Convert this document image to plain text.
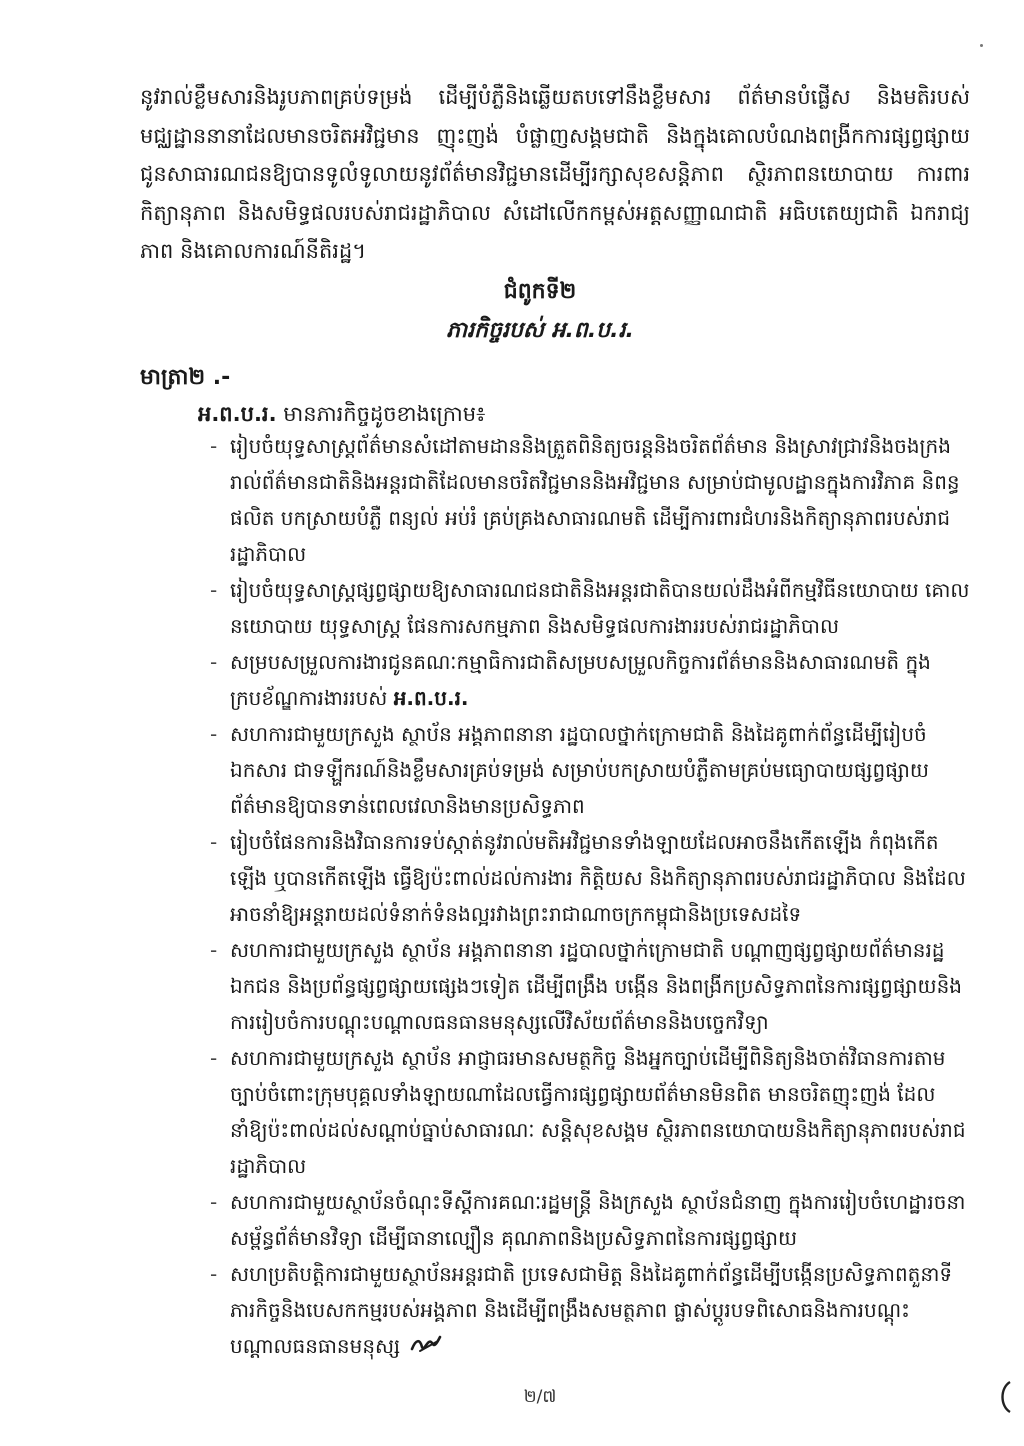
នូវរាល់ខ្លឹមសារនិងរូបភាពគ្រប់ទម្រង់ ដើម្បីបំភ្លឺនិងឆ្លើយតបទៅនឹងខ្លឹមសារ ព័ត៌មានបំផ្លើស និងមតិរបស់មជ្ឈដ្ឋាននានាដែលមានចរិតអវិជ្ជមាន ញុះញង់ បំផ្លាញសង្គមជាតិ និងក្នុងគោលបំណងពង្រីកការផ្សព្វផ្សាយជូនសាធារណជនឱ្យបានទូលំទូលាយនូវព័ត៌មានវិជ្ជមានដើម្បីរក្សាសុខសន្តិភាព ស្ថិរភាពនយោបាយ ការពារកិត្យានុភាព និងសមិទ្ធផលរបស់រាជរដ្ឋាភិបាល សំដៅលើកកម្ពស់អត្តសញ្ញាណជាតិ អធិបតេយ្យជាតិ ឯករាជ្យភាព និងគោលការណ៍នីតិរដ្ឋ។

ជំពូកទី២
ភារកិច្ចរបស់ អ.ព.ប.រ.
មាត្រា២ .-
អ.ព.ប.រ. មានភារកិច្ចដូចខាងក្រោម៖
- រៀបចំយុទ្ធសាស្ត្រព័ត៌មានសំដៅតាមដាននិងត្រួតពិនិត្យចរន្តនិងចរិតព័ត៌មាន និងស្រាវជ្រាវនិងចងក្រងរាល់ព័ត៌មានជាតិនិងអន្តរជាតិដែលមានចរិតវិជ្ជមាននិងអវិជ្ជមាន សម្រាប់ជាមូលដ្ឋានក្នុងការវិភាគ និពន្ធ ផលិត បកស្រាយបំភ្លឺ ពន្យល់ អប់រំ គ្រប់គ្រងសាធារណមតិ ដើម្បីការពារជំហរនិងកិត្យានុភាពរបស់រាជរដ្ឋាភិបាល
- រៀបចំយុទ្ធសាស្ត្រផ្សព្វផ្សាយឱ្យសាធារណជនជាតិនិងអន្តរជាតិបានយល់ដឹងអំពីកម្មវិធីនយោបាយ គោលនយោបាយ យុទ្ធសាស្ត្រ ផែនការសកម្មភាព និងសមិទ្ធផលការងាររបស់រាជរដ្ឋាភិបាល
- សម្របសម្រួលការងារជូនគណៈកម្មាធិការជាតិសម្របសម្រួលកិច្ចការព័ត៌មាននិងសាធារណមតិ ក្នុងក្របខ័ណ្ឌការងាររបស់ អ.ព.ប.រ.
- សហការជាមួយក្រសួង ស្ថាប័ន អង្គភាពនានា រដ្ឋបាលថ្នាក់ក្រោមជាតិ និងដៃគូពាក់ព័ន្ធដើម្បីរៀបចំឯកសារ ជាទឡ្ហីករណ៍និងខ្លឹមសារគ្រប់ទម្រង់ សម្រាប់បកស្រាយបំភ្លឺតាមគ្រប់មធ្យោបាយផ្សព្វផ្សាយព័ត៌មានឱ្យបានទាន់ពេលវេលានិងមានប្រសិទ្ធភាព
- រៀបចំផែនការនិងវិធានការទប់ស្កាត់នូវរាល់មតិអវិជ្ជមានទាំងឡាយដែលអាចនឹងកើតឡើង កំពុងកើតឡើង ឬបានកើតឡើង ធ្វើឱ្យប៉ះពាល់ដល់ការងារ កិត្តិយស និងកិត្យានុភាពរបស់រាជរដ្ឋាភិបាល និងដែលអាចនាំឱ្យអន្តរាយដល់ទំនាក់ទំនងល្អរវាងព្រះរាជាណាចក្រកម្ពុជានិងប្រទេសដទៃ
- សហការជាមួយក្រសួង ស្ថាប័ន អង្គភាពនានា រដ្ឋបាលថ្នាក់ក្រោមជាតិ បណ្តាញផ្សព្វផ្សាយព័ត៌មានរដ្ឋ ឯកជន និងប្រព័ន្ធផ្សព្វផ្សាយផ្សេងៗទៀត ដើម្បីពង្រឹង បង្កើន និងពង្រីកប្រសិទ្ធភាពនៃការផ្សព្វផ្សាយនិងការរៀបចំការបណ្តុះបណ្តាលធនធានមនុស្សលើវិស័យព័ត៌មាននិងបច្ចេកវិទ្យា
- សហការជាមួយក្រសួង ស្ថាប័ន អាជ្ញាធរមានសមត្ថកិច្ច និងអ្នកច្បាប់ដើម្បីពិនិត្យនិងចាត់វិធានការតាមច្បាប់ចំពោះក្រុមបុគ្គលទាំងឡាយណាដែលធ្វើការផ្សព្វផ្សាយព័ត៌មានមិនពិត មានចរិតញុះញង់ ដែលនាំឱ្យប៉ះពាល់ដល់សណ្តាប់ធ្នាប់សាធារណៈ សន្តិសុខសង្គម ស្ថិរភាពនយោបាយនិងកិត្យានុភាពរបស់រាជរដ្ឋាភិបាល
- សហការជាមួយស្ថាប័នចំណុះទីស្តីការគណៈរដ្ឋមន្ត្រី និងក្រសួង ស្ថាប័នជំនាញ ក្នុងការរៀបចំហេដ្ឋារចនាសម្ព័ន្ធព័ត៌មានវិទ្យា ដើម្បីធានាល្បឿន គុណភាពនិងប្រសិទ្ធភាពនៃការផ្សព្វផ្សាយ
- សហប្រតិបត្តិការជាមួយស្ថាប័នអន្តរជាតិ ប្រទេសជាមិត្ត និងដៃគូពាក់ព័ន្ធដើម្បីបង្កើនប្រសិទ្ធភាពតួនាទីភារកិច្ចនិងបេសកកម្មរបស់អង្គភាព និងដើម្បីពង្រឹងសមត្ថភាព ផ្លាស់ប្តូរបទពិសោធនិងការបណ្តុះបណ្តាលធនធានមនុស្ស
២/៧
